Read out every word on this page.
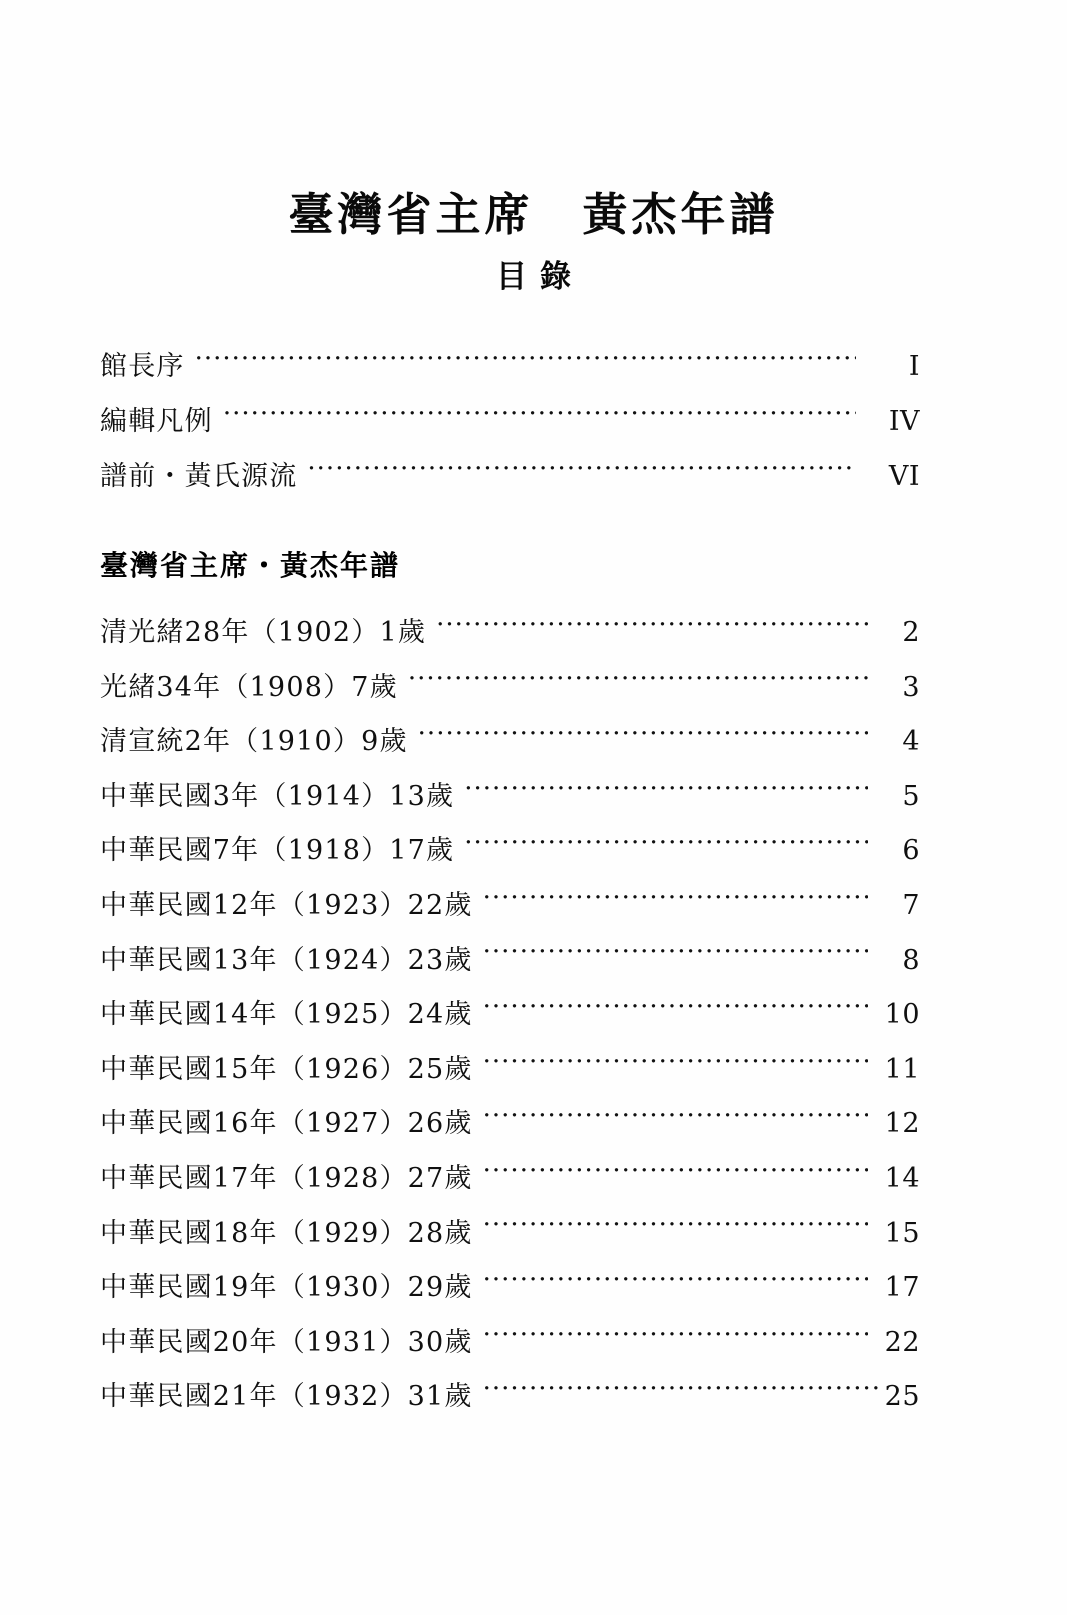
臺灣省主席　黃杰年譜
目錄
館長序 ·····	I
編輯凡例 ·····	IV
譜前・黃氏源流 ·····	VI
臺灣省主席・黃杰年譜
清光緒28年（1902）1歲 ·····	2
光緒34年（1908）7歲 ·····	3
清宣統2年（1910）9歲 ·····	4
中華民國3年（1914）13歲 ·····	5
中華民國7年（1918）17歲 ·····	6
中華民國12年（1923）22歲 ·····	7
中華民國13年（1924）23歲 ·····	8
中華民國14年（1925）24歲 ·····	10
中華民國15年（1926）25歲 ·····	11
中華民國16年（1927）26歲 ·····	12
中華民國17年（1928）27歲 ·····	14
中華民國18年（1929）28歲 ·····	15
中華民國19年（1930）29歲 ·····	17
中華民國20年（1931）30歲 ·····	22
中華民國21年（1932）31歲 ·····	25
